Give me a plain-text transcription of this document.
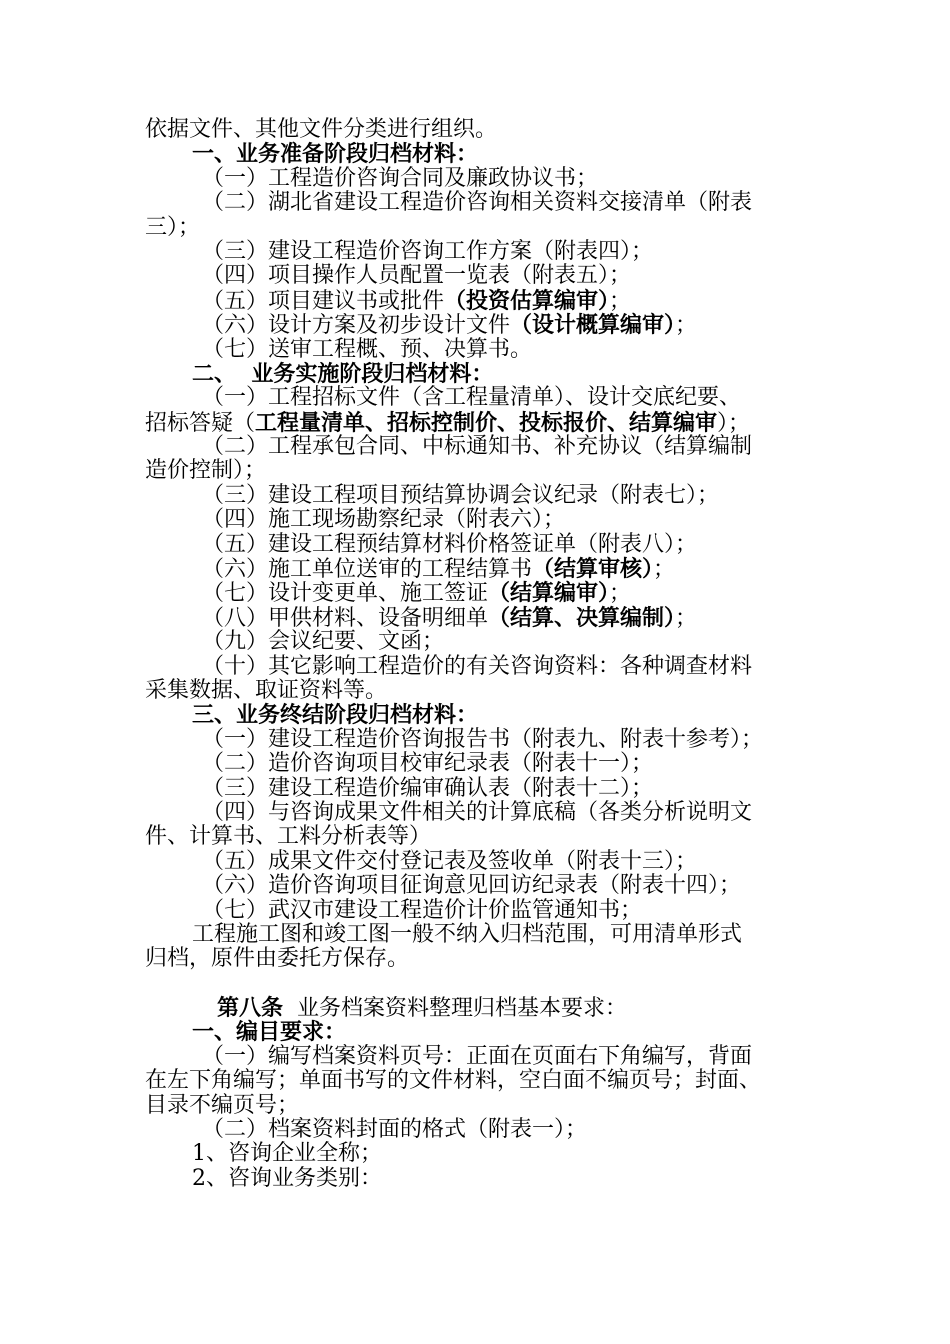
依据文件、其他文件分类进行组织。
一、业务准备阶段归档材料：
（一）工程造价咨询合同及廉政协议书；
（二）湖北省建设工程造价咨询相关资料交接清单（附表
三）；
（三）建设工程造价咨询工作方案（附表四）；
（四）项目操作人员配置一览表（附表五）；
（五）项目建议书或批件（投资估算编审）；
（六）设计方案及初步设计文件（设计概算编审）；
（七）送审工程概、预、决算书。
二、  业务实施阶段归档材料：
（一）工程招标文件（含工程量清单）、设计交底纪要、
招标答疑（工程量清单、招标控制价、投标报价、结算编审）；
（二）工程承包合同、中标通知书、补充协议（结算编制
造价控制）；
（三）建设工程项目预结算协调会议纪录（附表七）；
（四）施工现场勘察纪录（附表六）；
（五）建设工程预结算材料价格签证单（附表八）；
（六）施工单位送审的工程结算书（结算审核）；
（七）设计变更单、施工签证（结算编审）；
（八）甲供材料、设备明细单（结算、决算编制）；
（九）会议纪要、文函；
（十）其它影响工程造价的有关咨询资料：各种调查材料
采集数据、取证资料等。
三、业务终结阶段归档材料：
（一）建设工程造价咨询报告书（附表九、附表十参考）；
（二）造价咨询项目校审纪录表（附表十一）；
（三）建设工程造价编审确认表（附表十二）；
（四）与咨询成果文件相关的计算底稿（各类分析说明文
件、计算书、工料分析表等）
（五）成果文件交付登记表及签收单（附表十三）；
（六）造价咨询项目征询意见回访纪录表（附表十四）；
（七）武汉市建设工程造价计价监管通知书；
工程施工图和竣工图一般不纳入归档范围，可用清单形式
归档，原件由委托方保存。
第八条  业务档案资料整理归档基本要求：
一、编目要求：
（一）编写档案资料页号：正面在页面右下角编写，背面
在左下角编写；单面书写的文件材料，空白面不编页号；封面、
目录不编页号；
（二）档案资料封面的格式（附表一）；
1、咨询企业全称；
2、咨询业务类别：
